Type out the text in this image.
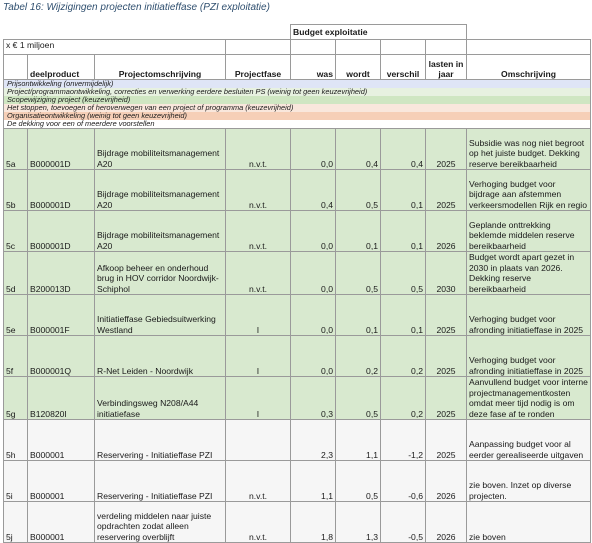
Tabel 16: Wijzigingen projecten initiatieffase (PZI exploitatie)
				Budget exploitatie				
x € 1 miljoen								
	deelproduct	Projectomschrijving	Projectfase	was	wordt	verschil	lasten in jaar	Omschrijving
Prijsontwikkeling (onvermijdelijk)								
Project/programmaontwikkeling, correcties en verwerking eerdere besluiten PS (weinig tot geen keuzevrijheid)								
Scopewijziging project (keuzevrijheid)								
Het stoppen, toevoegen of heroverwegen van een project of programma (keuzevrijheid)								
Organisatieontwikkeling (weinig tot geen keuzevrijheid)								
De dekking voor een of meerdere voorstellen								
5a	B000001D	Bijdrage mobiliteitsmanagement A20	n.v.t.	0,0	0,4	0,4	2025	Subsidie was nog niet begroot op het juiste budget. Dekking reserve bereikbaarheid
5b	B000001D	Bijdrage mobiliteitsmanagement A20	n.v.t.	0,4	0,5	0,1	2025	Verhoging budget voor bijdrage aan afstemmen verkeersmodellen Rijk en regio
5c	B000001D	Bijdrage mobiliteitsmanagement A20	n.v.t.	0,0	0,1	0,1	2026	Geplande onttrekking beklemde middelen reserve bereikbaarheid
5d	B200013D	Afkoop beheer en onderhoud brug in HOV corridor Noordwijk-Schiphol	n.v.t.	0,0	0,5	0,5	2030	Budget wordt apart gezet in 2030 in plaats van 2026. Dekking reserve bereikbaarheid
5e	B000001F	Initiatieffase Gebiedsuitwerking Westland	I	0,0	0,1	0,1	2025	Verhoging budget voor afronding initiatieffase in 2025
5f	B000001Q	R-Net Leiden - Noordwijk	I	0,0	0,2	0,2	2025	Verhoging budget voor afronding initiatieffase in 2025
5g	B120820I	Verbindingsweg N208/A44 initiatiefase	I	0,3	0,5	0,2	2025	Aanvullend budget voor interne projectmanagementkosten omdat meer tijd nodig is om deze fase af te ronden
5h	B000001	Reservering - Initiatieffase PZI		2,3	1,1	-1,2	2025	Aanpassing budget voor al eerder gerealiseerde uitgaven
5i	B000001	Reservering - Initiatieffase PZI	n.v.t.	1,1	0,5	-0,6	2026	zie boven. Inzet op diverse projecten.
5j	B000001	verdeling middelen naar juiste opdrachten zodat alleen reservering overblijft	n.v.t.	1,8	1,3	-0,5	2026	zie boven
